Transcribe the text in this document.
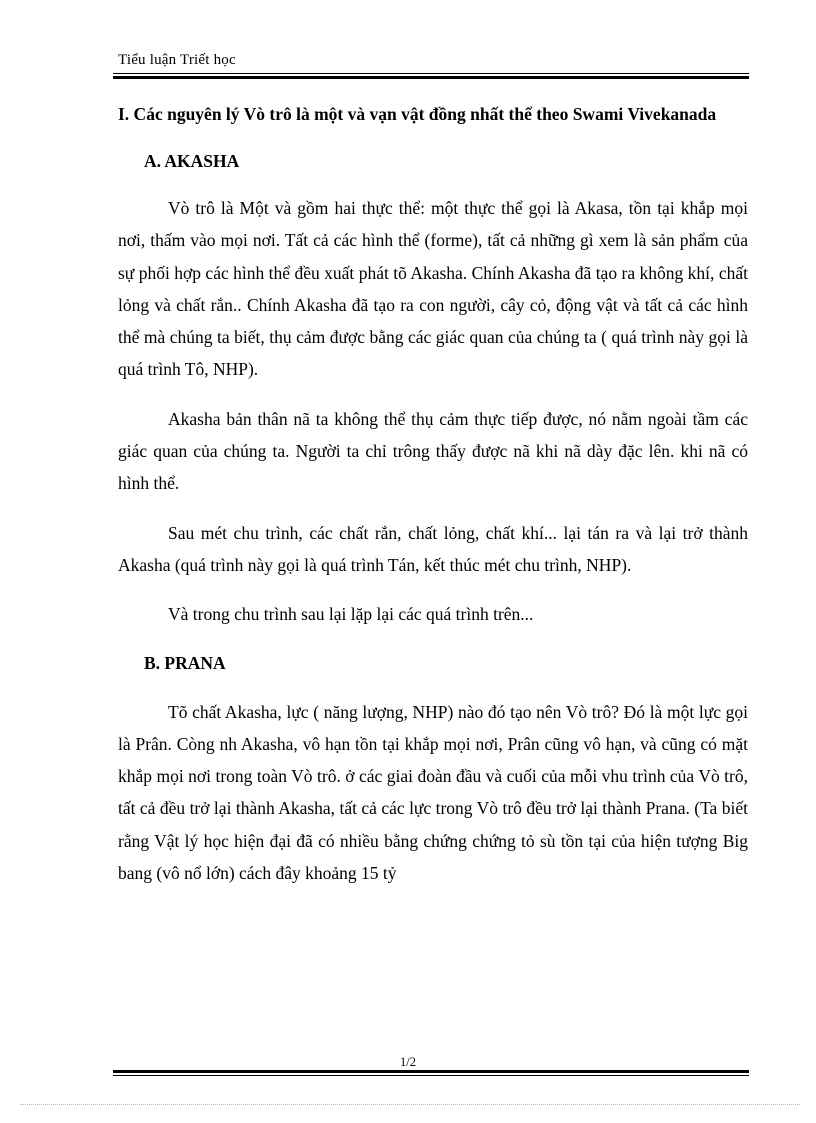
Tiểu luận Triết học

I. Các nguyên lý Vò trô là một và vạn vật đồng nhất thể theo Swami Vivekanada

A. AKASHA

Vò trô là Một và gồm hai thực thể: một thực thể gọi là Akasa, tồn tại khắp mọi nơi, thấm vào mọi nơi. Tất cả các hình thể (forme), tất cả những gì xem là sản phẩm của sự phối hợp các hình thể đều xuất phát tõ Akasha. Chính Akasha đã tạo ra không khí, chất lỏng và chất rắn.. Chính Akasha đã tạo ra con người, cây cỏ, động vật và tất cả các hình thể mà chúng ta biết, thụ cảm được bằng các giác quan của chúng ta ( quá trình này gọi là quá trình Tô, NHP).

Akasha bản thân nã ta không thể thụ cảm thực tiếp được, nó nằm ngoài tầm các giác quan của chúng ta. Người ta chỉ trông thấy được nã khi nã dày đặc lên. khi nã có hình thể.

Sau mét chu trình, các chất rắn, chất lỏng, chất khí... lại tán ra và lại trở thành Akasha (quá trình này gọi là quá trình Tán, kết thúc mét chu trình, NHP).

Và trong chu trình sau lại lặp lại các quá trình trên...

B. PRANA

Tõ chất Akasha, lực ( năng lượng, NHP) nào đó tạo nên Vò trô? Đó là một lực gọi là Prân. Còng nh Akasha, vô hạn tồn tại khắp mọi nơi, Prân cũng vô hạn, và cũng có mặt khắp mọi nơi trong toàn Vò trô. ở các giai đoàn đầu và cuối của mỗi vhu trình của Vò trô, tất cả đều trở lại thành Akasha, tất cả các lực trong Vò trô đều trở lại thành Prana. (Ta biết rằng Vật lý học hiện đại đã có nhiều bằng chứng chứng tỏ sù tồn tại của hiện tượng Big bang (vô nổ lớn) cách đây khoảng 15 tỷ

1/2
